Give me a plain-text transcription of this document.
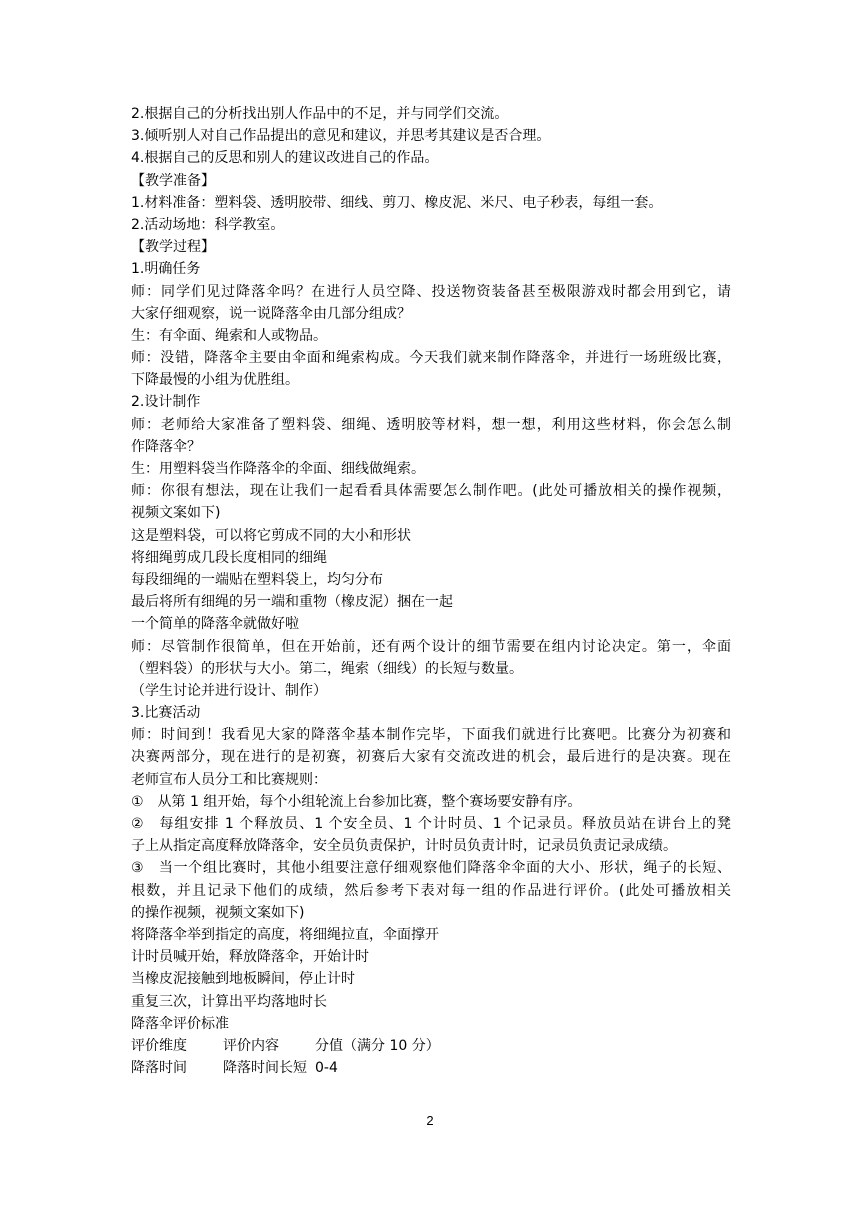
2.根据自己的分析找出别人作品中的不足，并与同学们交流。
3.倾听别人对自己作品提出的意见和建议，并思考其建议是否合理。
4.根据自己的反思和别人的建议改进自己的作品。
【教学准备】
1.材料准备：塑料袋、透明胶带、细线、剪刀、橡皮泥、米尺、电子秒表，每组一套。
2.活动场地：科学教室。
【教学过程】
1.明确任务
师：同学们见过降落伞吗？在进行人员空降、投送物资装备甚至极限游戏时都会用到它，请
大家仔细观察，说一说降落伞由几部分组成？
生：有伞面、绳索和人或物品。
师：没错，降落伞主要由伞面和绳索构成。今天我们就来制作降落伞，并进行一场班级比赛，
下降最慢的小组为优胜组。
2.设计制作
师：老师给大家准备了塑料袋、细绳、透明胶等材料，想一想，利用这些材料，你会怎么制
作降落伞？
生：用塑料袋当作降落伞的伞面、细线做绳索。
师：你很有想法，现在让我们一起看看具体需要怎么制作吧。(此处可播放相关的操作视频，
视频文案如下)
这是塑料袋，可以将它剪成不同的大小和形状
将细绳剪成几段长度相同的细绳
每段细绳的一端贴在塑料袋上，均匀分布
最后将所有细绳的另一端和重物（橡皮泥）捆在一起
一个简单的降落伞就做好啦
师：尽管制作很简单，但在开始前，还有两个设计的细节需要在组内讨论决定。第一，伞面
（塑料袋）的形状与大小。第二，绳索（细线）的长短与数量。
（学生讨论并进行设计、制作）
3.比赛活动
师：时间到！我看见大家的降落伞基本制作完毕，下面我们就进行比赛吧。比赛分为初赛和
决赛两部分，现在进行的是初赛，初赛后大家有交流改进的机会，最后进行的是决赛。现在
老师宣布人员分工和比赛规则：
①　从第 1 组开始，每个小组轮流上台参加比赛，整个赛场要安静有序。
②　每组安排 1 个释放员、1 个安全员、1 个计时员、1 个记录员。释放员站在讲台上的凳
子上从指定高度释放降落伞，安全员负责保护，计时员负责计时，记录员负责记录成绩。
③　当一个组比赛时，其他小组要注意仔细观察他们降落伞伞面的大小、形状，绳子的长短、
根数，并且记录下他们的成绩，然后参考下表对每一组的作品进行评价。(此处可播放相关
的操作视频，视频文案如下)
将降落伞举到指定的高度，将细绳拉直，伞面撑开
计时员喊开始，释放降落伞，开始计时
当橡皮泥接触到地板瞬间，停止计时
重复三次，计算出平均落地时长
降落伞评价标准
评价维度	评价内容	分值（满分 10 分）
降落时间	降落时间长短 0-4
2
